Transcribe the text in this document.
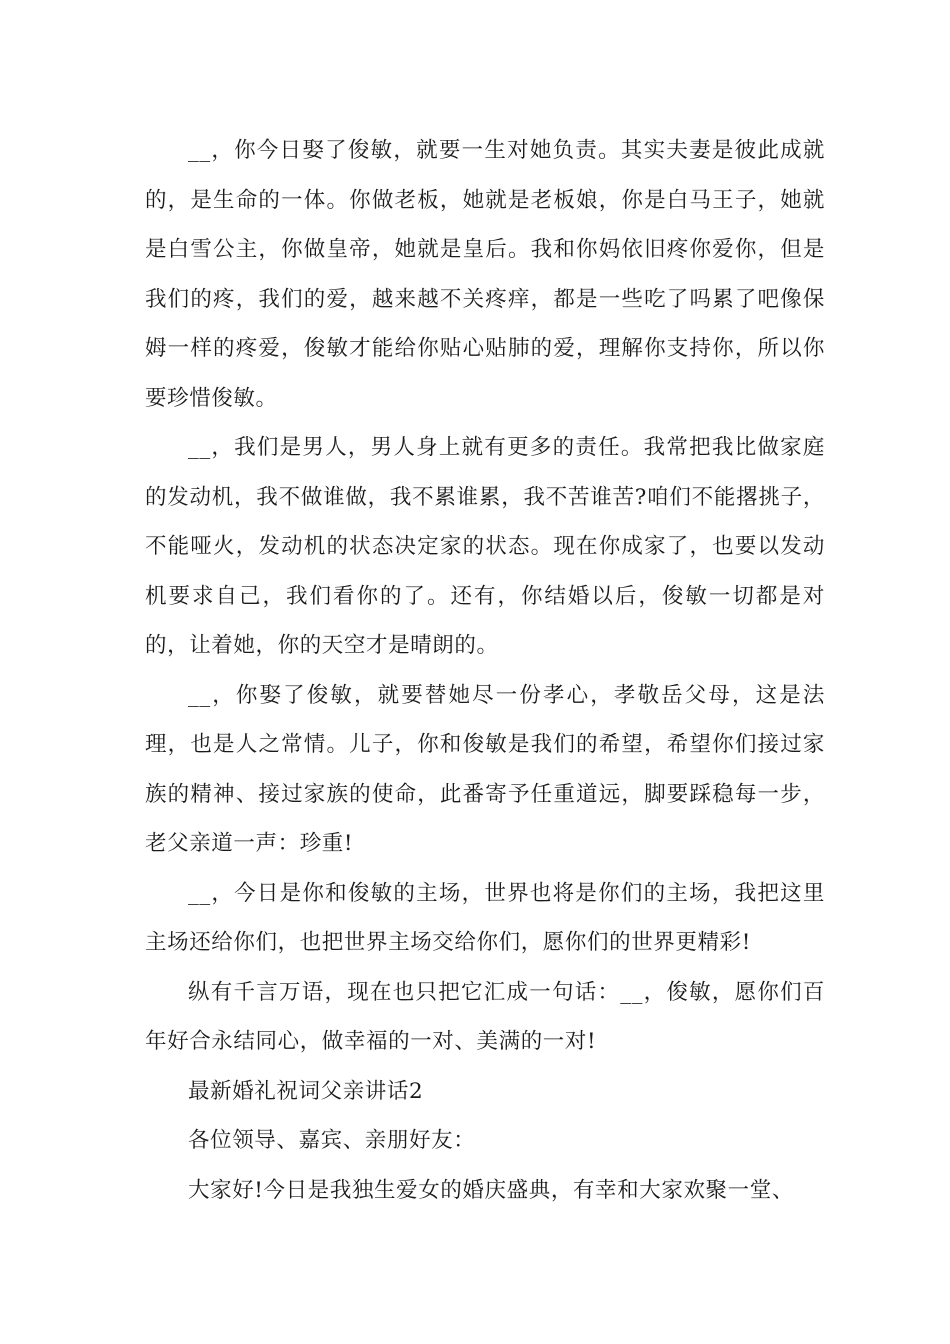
__，你今日娶了俊敏，就要一生对她负责。其实夫妻是彼此成就的，是生命的一体。你做老板，她就是老板娘，你是白马王子，她就是白雪公主，你做皇帝，她就是皇后。我和你妈依旧疼你爱你，但是我们的疼，我们的爱，越来越不关疼痒，都是一些吃了吗累了吧像保姆一样的疼爱，俊敏才能给你贴心贴肺的爱，理解你支持你，所以你要珍惜俊敏。

__，我们是男人，男人身上就有更多的责任。我常把我比做家庭的发动机，我不做谁做，我不累谁累，我不苦谁苦?咱们不能撂挑子，不能哑火，发动机的状态决定家的状态。现在你成家了，也要以发动机要求自己，我们看你的了。还有，你结婚以后，俊敏一切都是对的，让着她，你的天空才是晴朗的。

__，你娶了俊敏，就要替她尽一份孝心，孝敬岳父母，这是法理，也是人之常情。儿子，你和俊敏是我们的希望，希望你们接过家族的精神、接过家族的使命，此番寄予任重道远，脚要踩稳每一步，老父亲道一声：珍重!

__，今日是你和俊敏的主场，世界也将是你们的主场，我把这里主场还给你们，也把世界主场交给你们，愿你们的世界更精彩!

纵有千言万语，现在也只把它汇成一句话：__，俊敏，愿你们百年好合永结同心，做幸福的一对、美满的一对!

最新婚礼祝词父亲讲话2

各位领导、嘉宾、亲朋好友：

大家好!今日是我独生爱女的婚庆盛典，有幸和大家欢聚一堂、
